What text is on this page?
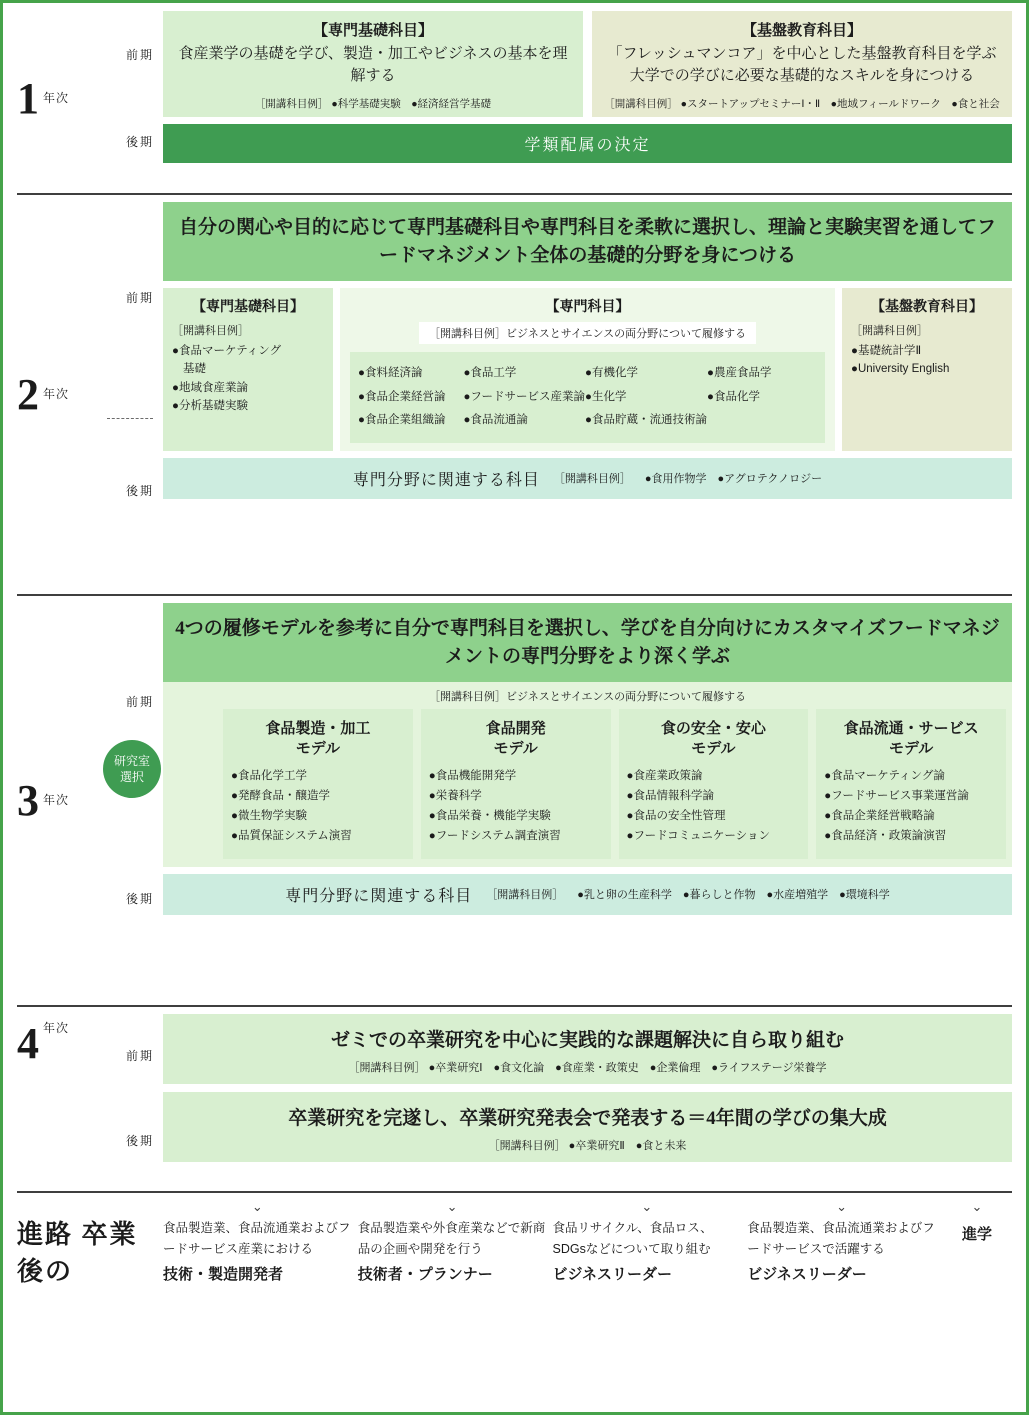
1 年次
前期
後期
【専門基礎科目】
食産業学の基礎を学び、製造・加工やビジネスの基本を理解する
［開講科目例］ ●科学基礎実験　●経済経営学基礎
【基盤教育科目】
「フレッシュマンコア」を中心とした基盤教育科目を学ぶ大学での学びに必要な基礎的なスキルを身につける
［開講科目例］ ●スタートアップセミナーⅠ・Ⅱ　●地域フィールドワーク　●食と社会
学類配属の決定
2 年次
前期
後期
自分の関心や目的に応じて専門基礎科目や専門科目を柔軟に選択し、理論と実験実習を通してフードマネジメント全体の基礎的分野を身につける
【専門基礎科目】
［開講科目例］
●食品マーケティング
基礎
●地域食産業論
●分析基礎実験
【専門科目】
［開講科目例］ビジネスとサイエンスの両分野について履修する
●食料経済論
●食品企業経営論
●食品企業組織論
●食品工学
●フードサービス産業論
●食品流通論
●有機化学
●生化学
●食品貯蔵・流通技術論
●農産食品学
●食品化学
【基盤教育科目】
［開講科目例］
●基礎統計学Ⅱ
●University English
専門分野に関連する科目 ［開講科目例］ ●食用作物学　●アグロテクノロジー
3 年次
前期
後期
4つの履修モデルを参考に自分で専門科目を選択し、学びを自分向けにカスタマイズフードマネジメントの専門分野をより深く学ぶ
［開講科目例］ビジネスとサイエンスの両分野について履修する
研究室
選択
食品製造・加工
モデル
●食品化学工学
●発酵食品・醸造学
●微生物学実験
●品質保証システム演習
食品開発
モデル
●食品機能開発学
●栄養科学
●食品栄養・機能学実験
●フードシステム調査演習
食の安全・安心
モデル
●食産業政策論
●食品情報科学論
●食品の安全性管理
●フードコミュニケーション
食品流通・サービス
モデル
●食品マーケティング論
●フードサービス事業運営論
●食品企業経営戦略論
●食品経済・政策論演習
専門分野に関連する科目 ［開講科目例］ ●乳と卵の生産科学　●暮らしと作物　●水産増殖学　●環境科学
4 年次
前期
後期
ゼミでの卒業研究を中心に実践的な課題解決に自ら取り組む
［開講科目例］ ●卒業研究Ⅰ　●食文化論　●食産業・政策史　●企業倫理　●ライフステージ栄養学
卒業研究を完遂し、卒業研究発表会で発表する＝4年間の学びの集大成
［開講科目例］ ●卒業研究Ⅱ　●食と未来
進路 卒業後の
⌄
食品製造業、食品流通業およびフードサービス産業における
技術・製造開発者
⌄
食品製造業や外食産業などで新商品の企画や開発を行う
技術者・プランナー
⌄
食品リサイクル、食品ロス、SDGsなどについて取り組む
ビジネスリーダー
⌄
食品製造業、食品流通業およびフードサービスで活躍する
ビジネスリーダー
⌄
進学
